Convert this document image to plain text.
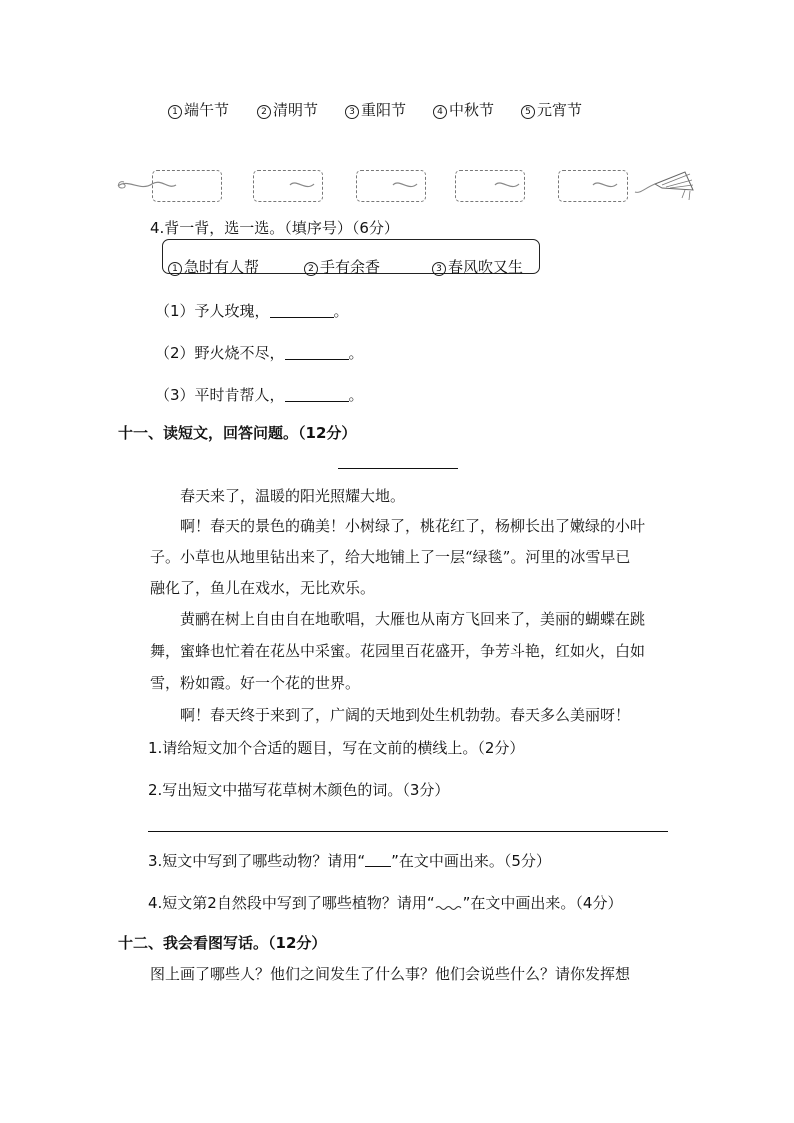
1 端午节	2 清明节	3 重阳节	4 中秋节	5 元宵节
4.背一背，选一选。（填序号）（6分）
1 急时有人帮	2 手有余香	3 春风吹又生
（1）予人玫瑰，	。
（2）野火烧不尽，	。
（3）平时肯帮人，	。
十一、读短文，回答问题。（12分）
春天来了，温暖的阳光照耀大地。
啊！春天的景色的确美！小树绿了，桃花红了，杨柳长出了嫩绿的小叶
子。小草也从地里钻出来了，给大地铺上了一层“绿毯”。河里的冰雪早已
融化了，鱼儿在戏水，无比欢乐。
黄鹂在树上自由自在地歌唱，大雁也从南方飞回来了，美丽的蝴蝶在跳
舞，蜜蜂也忙着在花丛中采蜜。花园里百花盛开，争芳斗艳，红如火，白如
雪，粉如霞。好一个花的世界。
啊！春天终于来到了，广阔的天地到处生机勃勃。春天多么美丽呀！
1.请给短文加个合适的题目，写在文前的横线上。（2分）
2.写出短文中描写花草树木颜色的词。（3分）
3.短文中写到了哪些动物？请用“ ”在文中画出来。（5分）
4.短文第2自然段中写到了哪些植物？请用“ ”在文中画出来。（4分）
十二、我会看图写话。（12分）
图上画了哪些人？他们之间发生了什么事？他们会说些什么？请你发挥想
